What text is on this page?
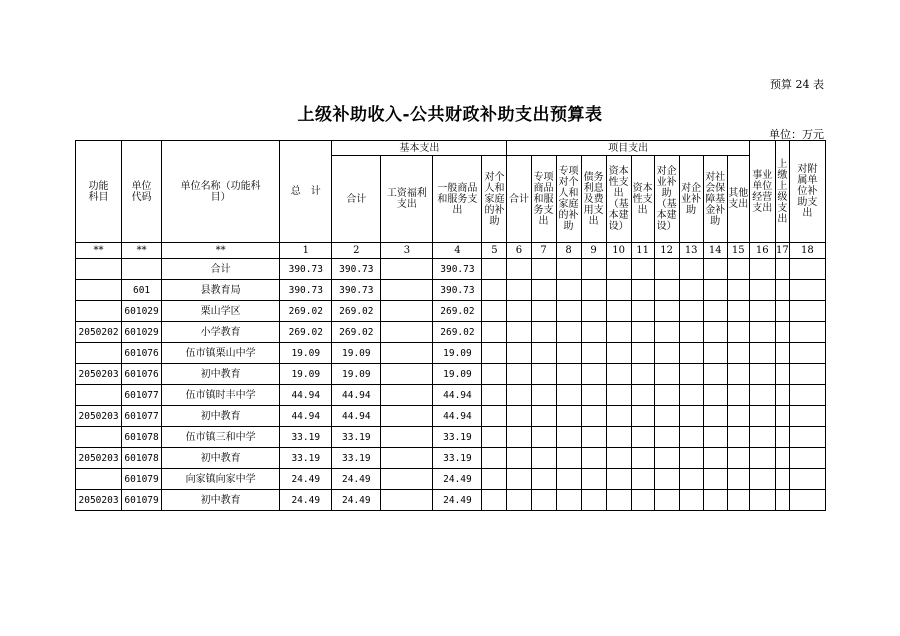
预算 24 表
上级补助收入-公共财政补助支出预算表
单位：万元
功能科目	单位代码	单位名称（功能科目）	总　计	基本支出				项目支出										事业单位经营支出	上缴上级支出	对附属单位补助支出
				合计	工资福利支出	一般商品和服务支出	对个人和家庭的补助	合计	专项商品和服务支出	专项对个人和家庭的补助	债务利息及费用支出	资本性支出（基本建设）	资本性支出	对企业补助（基本建设）	对企业补助	对社会保障基金补助	其他支出			
**	**	**	1	2	3	4	5	6	7	8	9	10	11	12	13	14	15	16	17	18
		合计	390.73	390.73		390.73														
	601	县教育局	390.73	390.73		390.73														
	601029	栗山学区	269.02	269.02		269.02														
2050202	601029	小学教育	269.02	269.02		269.02														
	601076	伍市镇栗山中学	19.09	19.09		19.09														
2050203	601076	初中教育	19.09	19.09		19.09														
	601077	伍市镇时丰中学	44.94	44.94		44.94														
2050203	601077	初中教育	44.94	44.94		44.94														
	601078	伍市镇三和中学	33.19	33.19		33.19														
2050203	601078	初中教育	33.19	33.19		33.19														
	601079	向家镇向家中学	24.49	24.49		24.49														
2050203	601079	初中教育	24.49	24.49		24.49														
